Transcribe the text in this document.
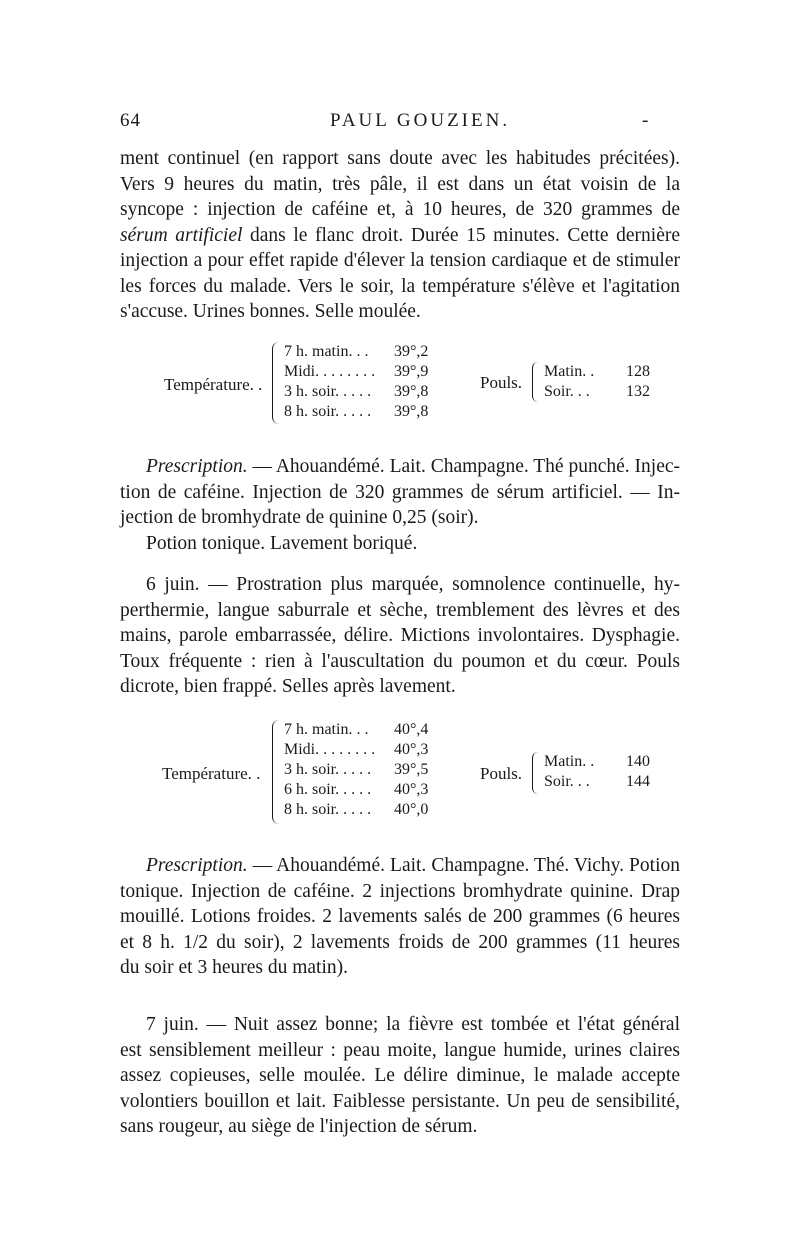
64	PAUL GOUZIEN.	-
ment continuel (en rapport sans doute avec les habitudes précitées).
Vers 9 heures du matin, très pâle, il est dans un état voisin de la
syncope : injection de caféine et, à 10 heures, de 320 grammes de
sérum artificiel dans le flanc droit. Durée 15 minutes. Cette dernière
injection a pour effet rapide d'élever la tension cardiaque et de stimuler
les forces du malade. Vers le soir, la température s'élève et l'agitation
s'accuse. Urines bonnes. Selle moulée.
Température. .
7 h. matin. . . 39°,2
Midi. . . . . . . . 39°,9
3 h. soir. . . . . 39°,8
8 h. soir. . . . . 39°,8
Pouls.
Matin. . 128
Soir. . . 132
Prescription. — Ahouandémé. Lait. Champagne. Thé punché. Injec-
tion de caféine. Injection de 320 grammes de sérum artificiel. — In-
jection de bromhydrate de quinine 0,25 (soir).
Potion tonique. Lavement boriqué.
6 juin. — Prostration plus marquée, somnolence continuelle, hy-
perthermie, langue saburrale et sèche, tremblement des lèvres et des
mains, parole embarrassée, délire. Mictions involontaires. Dysphagie.
Toux fréquente : rien à l'auscultation du poumon et du cœur. Pouls
dicrote, bien frappé. Selles après lavement.
Température. .
7 h. matin. . . 40°,4
Midi. . . . . . . . 40°,3
3 h. soir. . . . . 39°,5
6 h. soir. . . . . 40°,3
8 h. soir. . . . . 40°,0
Pouls.
Matin. . 140
Soir. . . 144
Prescription. — Ahouandémé. Lait. Champagne. Thé. Vichy. Potion
tonique. Injection de caféine. 2 injections bromhydrate quinine. Drap
mouillé. Lotions froides. 2 lavements salés de 200 grammes (6 heures
et 8 h. 1/2 du soir), 2 lavements froids de 200 grammes (11 heures
du soir et 3 heures du matin).
7 juin. — Nuit assez bonne; la fièvre est tombée et l'état général
est sensiblement meilleur : peau moite, langue humide, urines claires
assez copieuses, selle moulée. Le délire diminue, le malade accepte
volontiers bouillon et lait. Faiblesse persistante. Un peu de sensibilité,
sans rougeur, au siège de l'injection de sérum.
